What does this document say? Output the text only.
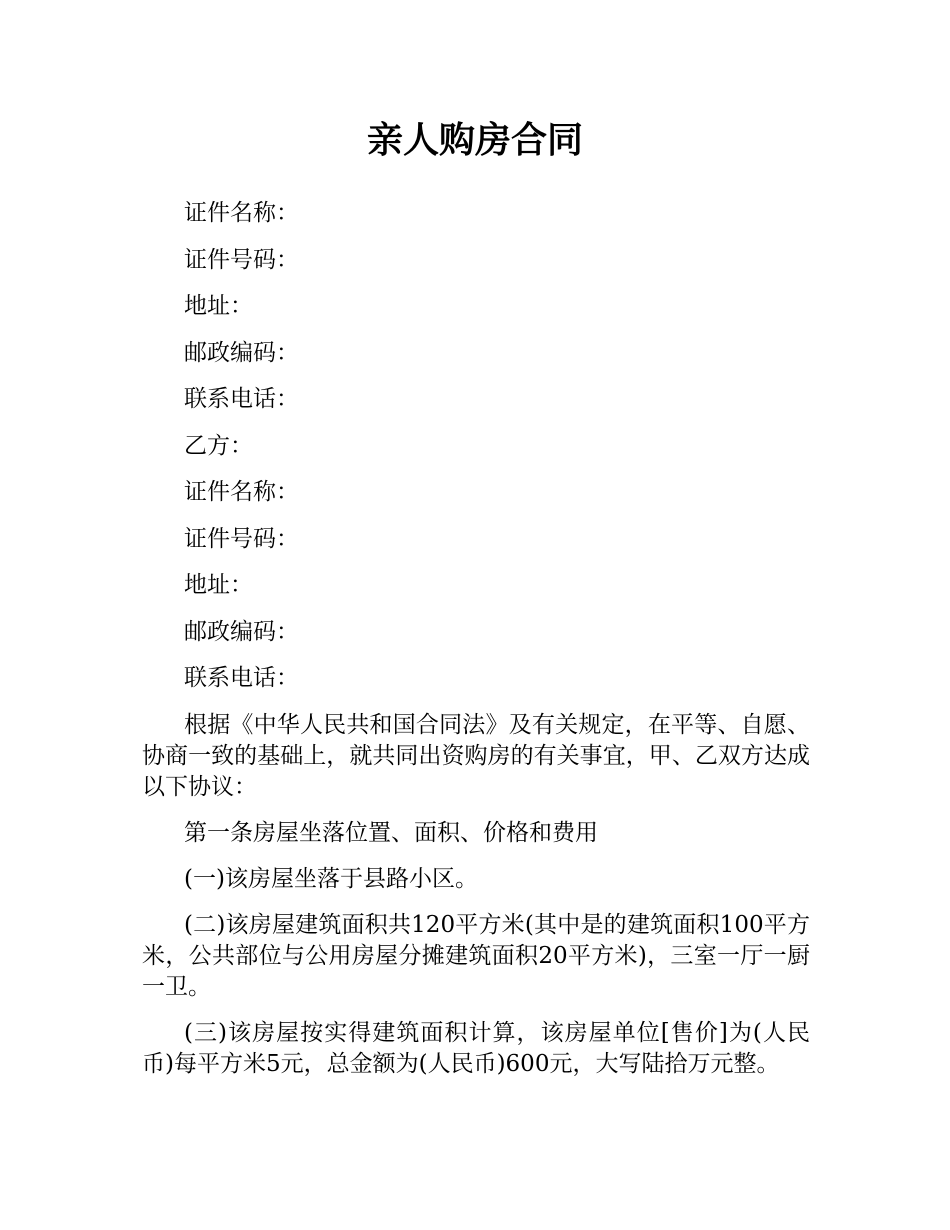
亲人购房合同
证件名称：
证件号码：
地址：
邮政编码：
联系电话：
乙方：
证件名称：
证件号码：
地址：
邮政编码：
联系电话：

根据《中华人民共和国合同法》及有关规定，在平等、自愿、协商一致的基础上，就共同出资购房的有关事宜，甲、乙双方达成以下协议：

第一条房屋坐落位置、面积、价格和费用

(一)该房屋坐落于县路小区。

(二)该房屋建筑面积共120平方米(其中是的建筑面积100平方米，公共部位与公用房屋分摊建筑面积20平方米)，三室一厅一厨一卫。

(三)该房屋按实得建筑面积计算，该房屋单位[售价]为(人民币)每平方米5元，总金额为(人民币)600元，大写陆拾万元整。
